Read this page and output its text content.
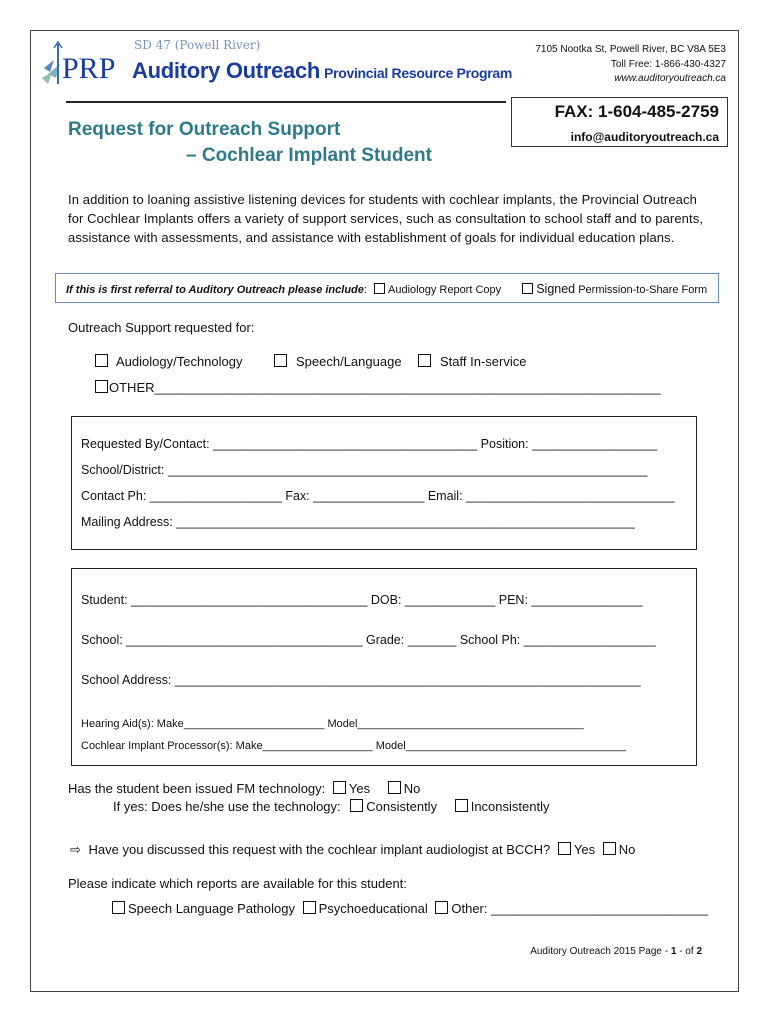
PRP
SD 47 (Powell River)
Auditory Outreach Provincial Resource Program
7105 Nootka St, Powell River, BC V8A 5E3
Toll Free: 1-866-430-4327
www.auditoryoutreach.ca
FAX: 1-604-485-2759
info@auditoryoutreach.ca
Request for Outreach Support
– Cochlear Implant Student
In addition to loaning assistive listening devices for students with cochlear implants, the Provincial Outreach for Cochlear Implants offers a variety of support services, such as consultation to school staff and to parents, assistance with assessments, and assistance with establishment of goals for individual education plans.
If this is first referral to Auditory Outreach please include: Audiology Report Copy	Signed Permission-to-Share Form
Outreach Support requested for:
Audiology/Technology	Speech/Language	Staff In-service
OTHER______________________________________________________________________
Requested By/Contact: ______________________________________ Position: __________________
School/District: _____________________________________________________________________
Contact Ph: ___________________ Fax: ________________ Email: ______________________________
Mailing Address: __________________________________________________________________
Student: __________________________________ DOB: _____________ PEN: ________________
School: __________________________________ Grade: _______ School Ph: ___________________
School Address: ___________________________________________________________________
Hearing Aid(s): Make_______________________ Model_____________________________________
Cochlear Implant Processor(s): Make__________________ Model____________________________________
Has the student been issued FM technology: Yes	No
If yes: Does he/she use the technology: Consistently	Inconsistently
⇨ Have you discussed this request with the cochlear implant audiologist at BCCH? Yes No
Please indicate which reports are available for this student:
Speech Language Pathology Psychoeducational Other: ______________________________
Auditory Outreach 2015 Page - 1 - of 2
